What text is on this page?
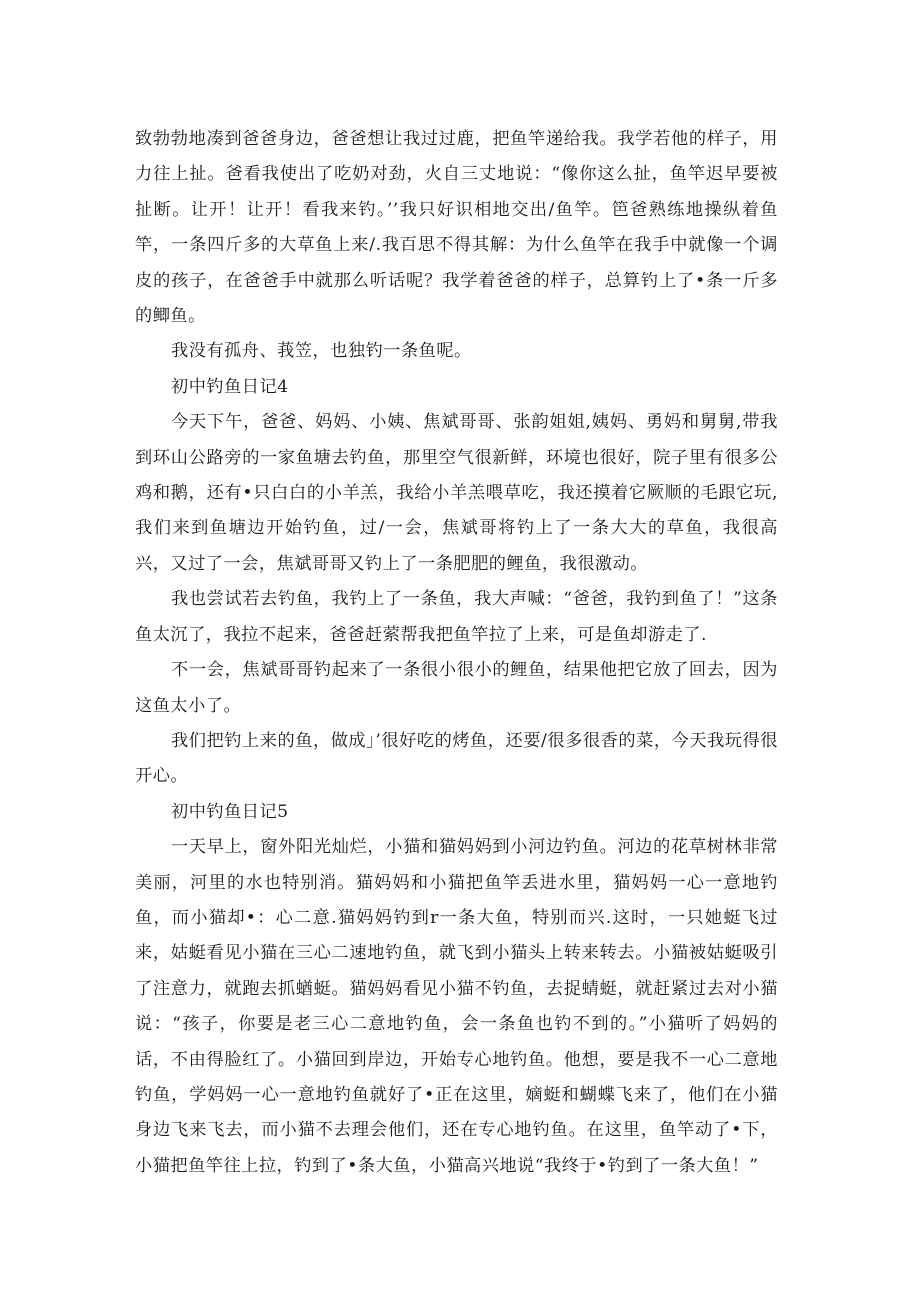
致勃勃地凑到爸爸身边，爸爸想让我过过鹿，把鱼竿递给我。我学若他的样子，用力往上扯。爸看我使出了吃奶对劲，火自三丈地说：“像你这么扯，鱼竿迟早要被扯断。让开！让开！看我来钓。’’我只好识相地交出/鱼竿。笆爸熟练地操纵着鱼竿，一条四斤多的大草鱼上来/.我百思不得其解：为什么鱼竿在我手中就像一个调皮的孩子，在爸爸手中就那么听话呢？我学着爸爸的样子，总算钓上了•条一斤多的鲫鱼。

我没有孤舟、莪笠，也独钓一条鱼呢。

初中钓鱼日记4

今天下午，爸爸、妈妈、小姨、焦斌哥哥、张韵姐姐,姨妈、勇妈和舅舅,带我到环山公路旁的一家鱼塘去钓鱼，那里空气很新鲜，环境也很好，院子里有很多公鸡和鹅，还有•只白白的小羊羔，我给小羊羔喂草吃，我还摸着它厥顺的毛跟它玩,我们来到鱼塘边开始钓鱼，过/一会，焦斌哥将钓上了一条大大的草鱼，我很高兴，又过了一会，焦斌哥哥又钓上了一条肥肥的鲤鱼，我很激动。

我也尝试若去钓鱼，我钓上了一条鱼，我大声喊：“爸爸，我钓到鱼了！”这条鱼太沉了，我拉不起来，爸爸赶萦帮我把鱼竿拉了上来，可是鱼却游走了.

不一会，焦斌哥哥钓起来了一条很小很小的鲤鱼，结果他把它放了回去，因为这鱼太小了。

我们把钓上来的鱼，做成」’很好吃的烤鱼，还要/很多很香的菜，今天我玩得很开心。

初中钓鱼日记5

一天早上，窗外阳光灿烂，小猫和猫妈妈到小河边钓鱼。河边的花草树林非常美丽，河里的水也特别消。猫妈妈和小猫把鱼竿丢进水里，猫妈妈一心一意地钓鱼，而小猫却•：心二意.猫妈妈钓到r一条大鱼，特别而兴.这时，一只她蜓飞过来，姑蜓看见小猫在三心二速地钓鱼，就飞到小猫头上转来转去。小猫被姑蜓吸引了注意力，就跑去抓蝤蜓。猫妈妈看见小猫不钓鱼，去捉蜻蜓，就赶紧过去对小猫说：“孩子，你要是老三心二意地钓鱼，会一条鱼也钓不到的。”小猫听了妈妈的话，不由得脸红了。小猫回到岸边，开始专心地钓鱼。他想，要是我不一心二意地钓鱼，学妈妈一心一意地钓鱼就好了•正在这里，嫡蜓和蝴蝶飞来了，他们在小猫身边飞来飞去，而小猫不去理会他们，还在专心地钓鱼。在这里，鱼竿动了•下，小猫把鱼竿往上拉，钓到了•条大鱼，小猫高兴地说“我终于•钓到了一条大鱼！”
